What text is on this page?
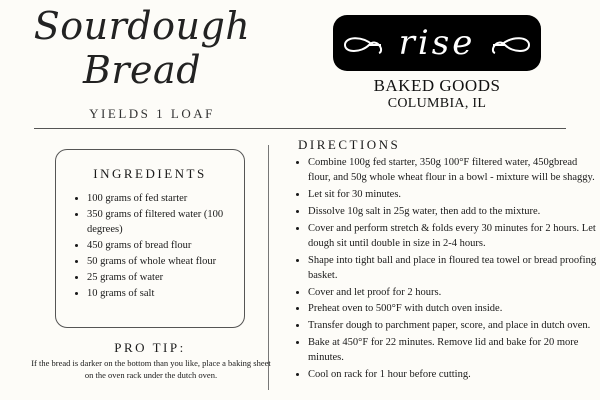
Sourdough
Bread
YIELDS 1 LOAF
rise
BAKED GOODS
COLUMBIA, IL
INGREDIENTS
• 100 grams of fed starter
• 350 grams of filtered water (100 degrees)
• 450 grams of bread flour
• 50 grams of whole wheat flour
• 25 grams of water
• 10 grams of salt
PRO TIP:
If the bread is darker on the bottom than you like, place a baking sheet on the oven rack under the dutch oven.
DIRECTIONS
• Combine 100g fed starter, 350g 100°F filtered water, 450gbread flour, and 50g whole wheat flour in a bowl - mixture will be shaggy.
• Let sit for 30 minutes.
• Dissolve 10g salt in 25g water, then add to the mixture.
• Cover and perform stretch & folds every 30 minutes for 2 hours. Let dough sit until double in size in 2-4 hours.
• Shape into tight ball and place in floured tea towel or bread proofing basket.
• Cover and let proof for 2 hours.
• Preheat oven to 500°F with dutch oven inside.
• Transfer dough to parchment paper, score, and place in dutch oven.
• Bake at 450°F for 22 minutes. Remove lid and bake for 20 more minutes.
• Cool on rack for 1 hour before cutting.
